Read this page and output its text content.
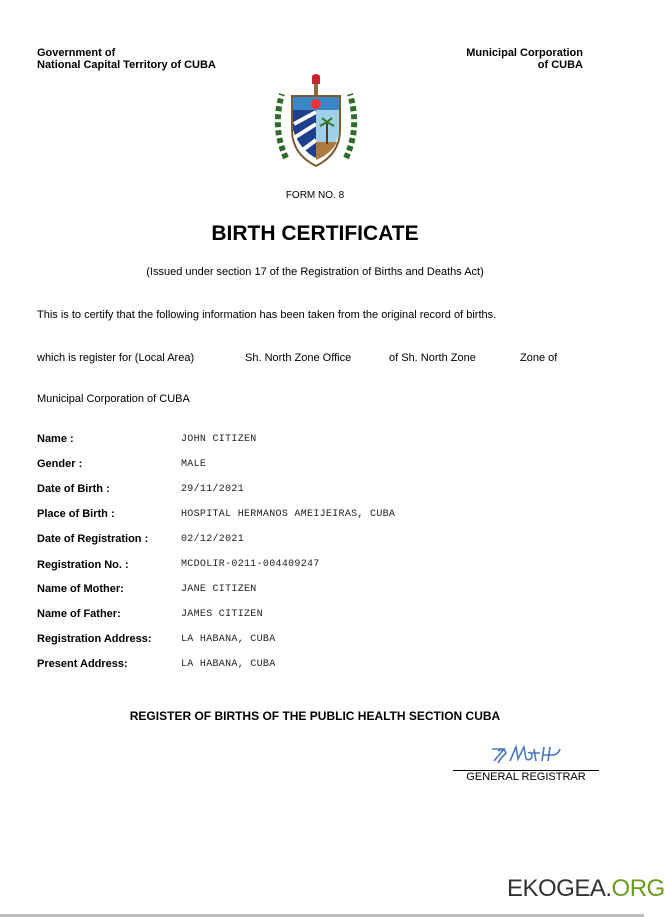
Government of
National Capital Territory of CUBA
Municipal Corporation
of CUBA
FORM NO. 8
BIRTH CERTIFICATE
(Issued under section 17 of the Registration of Births and Deaths Act)
This is to certify that the following information has been taken from the original record of births.
which is register for (Local Area)	Sh. North Zone Office	of Sh. North Zone	Zone of
Municipal Corporation of CUBA
Name :	JOHN CITIZEN
Gender :	MALE
Date of Birth :	29/11/2021
Place of Birth :	HOSPITAL HERMANOS AMEIJEIRAS, CUBA
Date of Registration :	02/12/2021
Registration No. :	MCDOLIR-0211-004409247
Name of Mother:	JANE CITIZEN
Name of Father:	JAMES CITIZEN
Registration Address:	LA HABANA, CUBA
Present Address:	LA HABANA, CUBA
REGISTER OF BIRTHS OF THE PUBLIC HEALTH SECTION CUBA
GENERAL REGISTRAR
EKOGEA.ORG
